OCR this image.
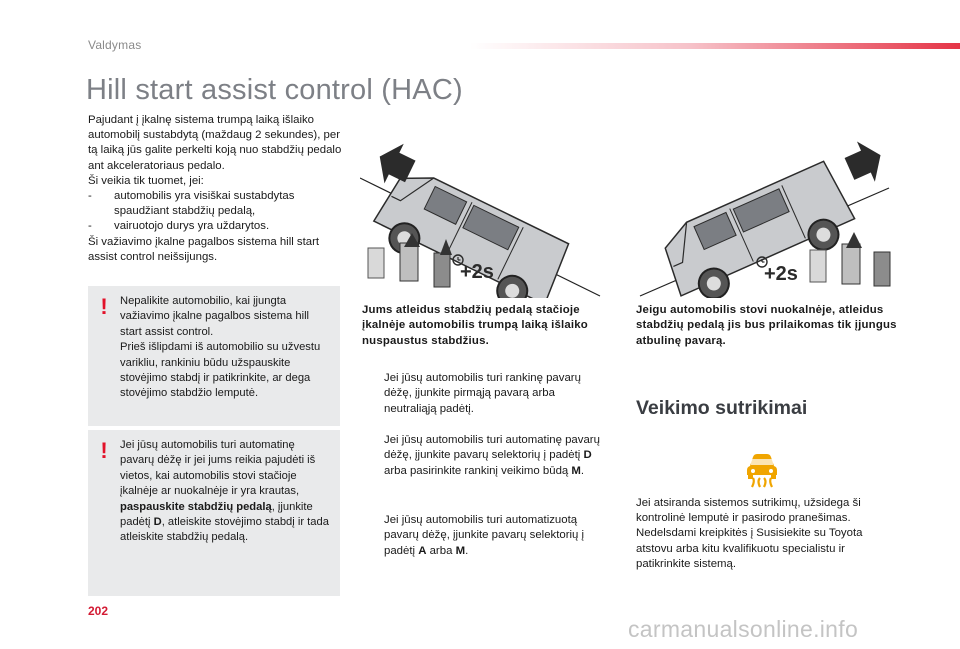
Valdymas
Hill start assist control (HAC)

Pajudant į įkalnę sistema trumpą laiką išlaiko automobilį sustabdytą (maždaug 2 sekundes), per tą laiką jūs galite perkelti koją nuo stabdžių pedalo ant akceleratoriaus pedalo.

Ši veikia tik tuomet, jei:

- automobilis yra visiškai sustabdytas spaudžiant stabdžių pedalą,
- vairuotojo durys yra uždarytos.

Ši važiavimo įkalne pagalbos sistema hill start assist control neišsijungs.

! Nepalikite automobilio, kai įjungta važiavimo įkalne pagalbos sistema hill start assist control.
Prieš išlipdami iš automobilio su užvestu varikliu, rankiniu būdu užspauskite stovėjimo stabdį ir patikrinkite, ar dega stovėjimo stabdžio lemputė.
! Jei jūsų automobilis turi automatinę pavarų dėžę ir jei jums reikia pajudėti iš vietos, kai automobilis stovi stačioje įkalnėje ar nuokalnėje ir yra krautas, paspauskite stabdžių pedalą, įjunkite padėtį D, atleiskite stovėjimo stabdį ir tada atleiskite stabdžių pedalą.
+2s	+2s
Jums atleidus stabdžių pedalą stačioje įkalnėje automobilis trumpą laiką išlaiko nuspaustus stabdžius.
Jeigu automobilis stovi nuokalnėje, atleidus stabdžių pedalą jis bus prilaikomas tik įjungus atbulinę pavarą.
Jei jūsų automobilis turi rankinę pavarų dėžę, įjunkite pirmąją pavarą arba neutraliąją padėtį.
Jei jūsų automobilis turi automatinę pavarų dėžę, įjunkite pavarų selektorių į padėtį D arba pasirinkite rankinį veikimo būdą M.
Jei jūsų automobilis turi automatizuotą pavarų dėžę, įjunkite pavarų selektorių į padėtį A arba M.
Veikimo sutrikimai
Jei atsiranda sistemos sutrikimų, užsidega ši kontrolinė lemputė ir pasirodo pranešimas. Nedelsdami kreipkitės į Susisiekite su Toyota atstovu arba kitu kvalifikuotu specialistu ir patikrinkite sistemą.
202
carmanualsonline.info
